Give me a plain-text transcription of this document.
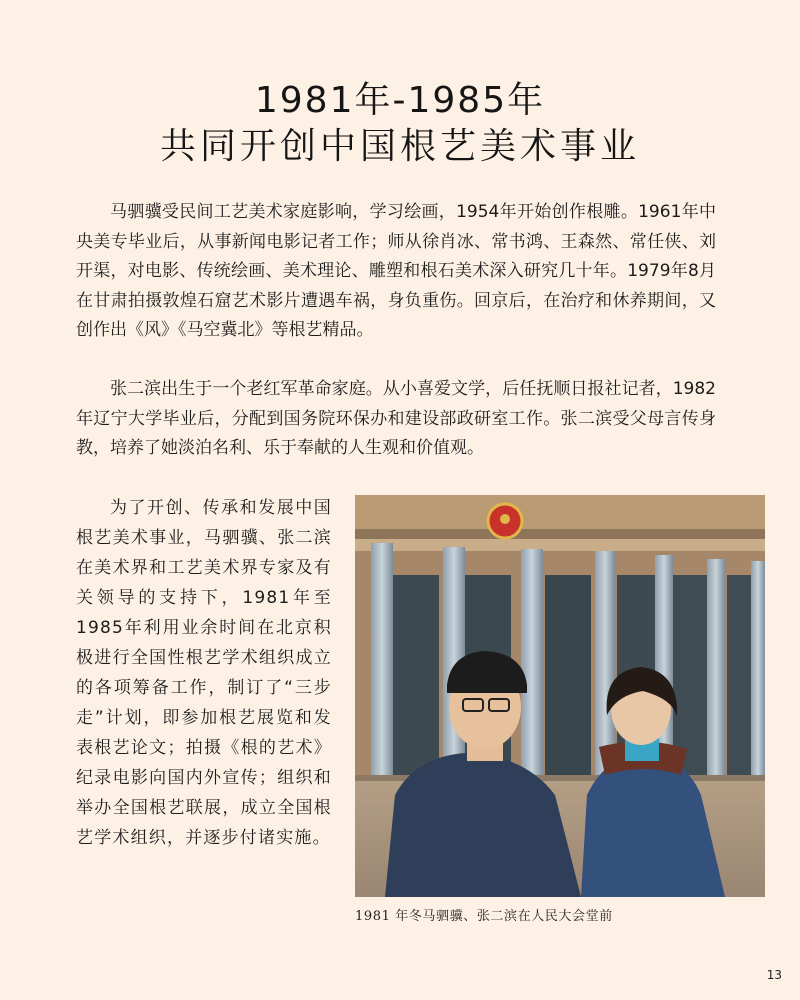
1981年-1985年
共同开创中国根艺美术事业

马驷骥受民间工艺美术家庭影响，学习绘画，1954年开始创作根雕。1961年中央美专毕业后，从事新闻电影记者工作；师从徐肖冰、常书鸿、王森然、常任侠、刘开渠，对电影、传统绘画、美术理论、雕塑和根石美术深入研究几十年。1979年8月在甘肃拍摄敦煌石窟艺术影片遭遇车祸，身负重伤。回京后，在治疗和休养期间，又创作出《风》《马空冀北》等根艺精品。

张二滨出生于一个老红军革命家庭。从小喜爱文学，后任抚顺日报社记者，1982年辽宁大学毕业后，分配到国务院环保办和建设部政研室工作。张二滨受父母言传身教，培养了她淡泊名利、乐于奉献的人生观和价值观。

为了开创、传承和发展中国根艺美术事业，马驷骥、张二滨在美术界和工艺美术界专家及有关领导的支持下，1981年至1985年利用业余时间在北京积极进行全国性根艺学术组织成立的各项筹备工作，制订了“三步走”计划，即参加根艺展览和发表根艺论文；拍摄《根的艺术》纪录电影向国内外宣传；组织和举办全国根艺联展，成立全国根艺学术组织，并逐步付诸实施。

1981 年冬马驷骥、张二滨在人民大会堂前
13
